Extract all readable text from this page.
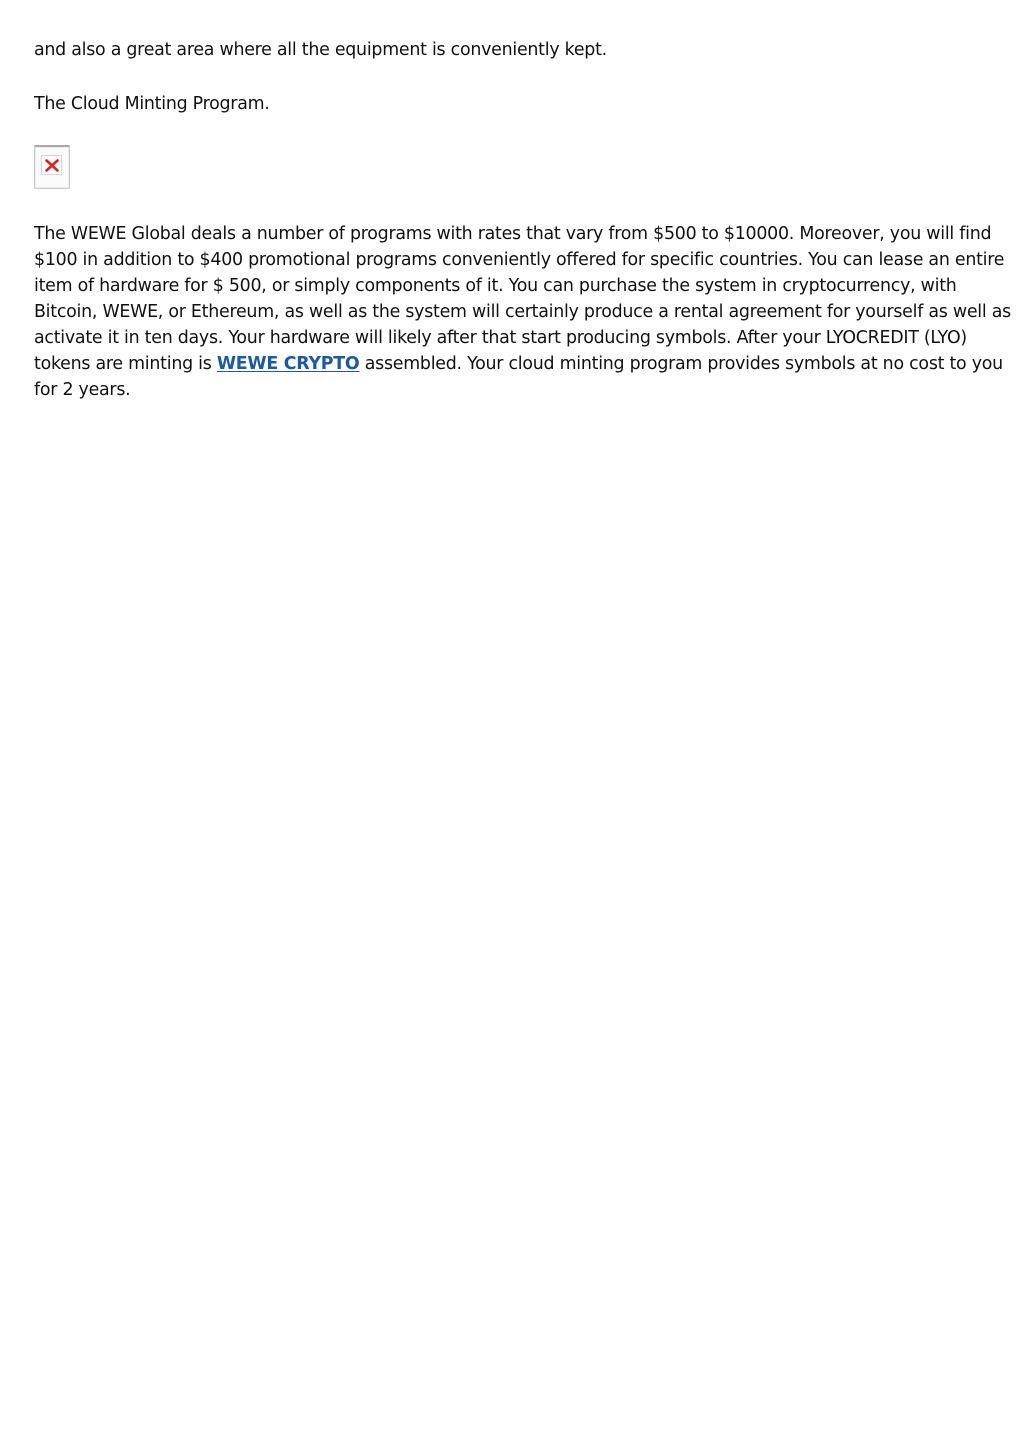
and also a great area where all the equipment is conveniently kept.
The Cloud Minting Program.
The WEWE Global deals a number of programs with rates that vary from $500 to $10000. Moreover, you will find
$100 in addition to $400 promotional programs conveniently offered for specific countries. You can lease an entire
item of hardware for $ 500, or simply components of it. You can purchase the system in cryptocurrency, with
Bitcoin, WEWE, or Ethereum, as well as the system will certainly produce a rental agreement for yourself as well as
activate it in ten days. Your hardware will likely after that start producing symbols. After your LYOCREDIT (LYO)
tokens are minting is WEWE CRYPTO assembled. Your cloud minting program provides symbols at no cost to you
for 2 years.
